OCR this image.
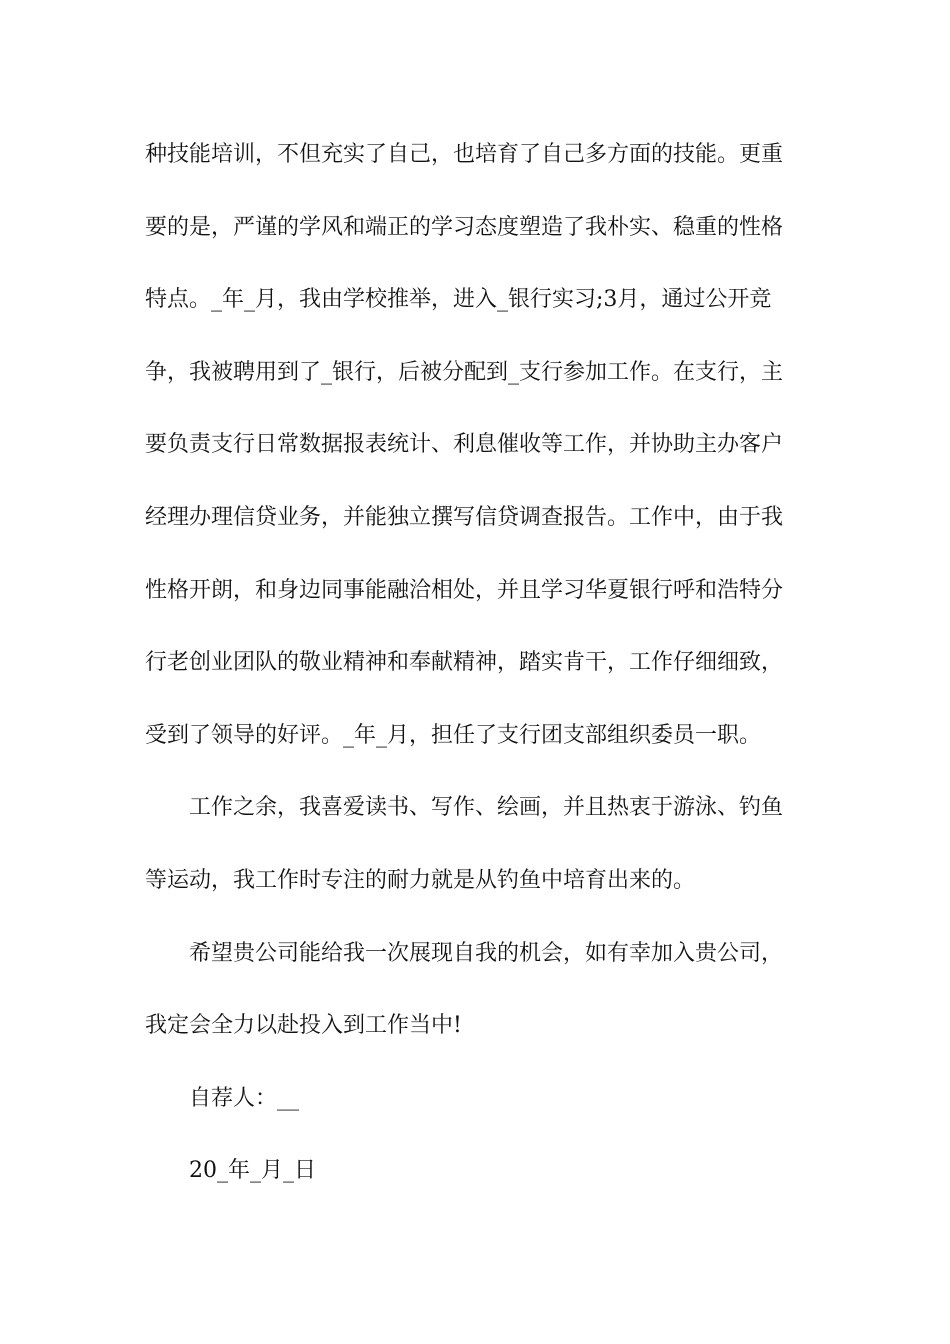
种技能培训，不但充实了自己，也培育了自己多方面的技能。更重
要的是，严谨的学风和端正的学习态度塑造了我朴实、稳重的性格
特点。_年_月，我由学校推举，进入_银行实习;3月，通过公开竞
争，我被聘用到了_银行，后被分配到_支行参加工作。在支行，主
要负责支行日常数据报表统计、利息催收等工作，并协助主办客户
经理办理信贷业务，并能独立撰写信贷调查报告。工作中，由于我
性格开朗，和身边同事能融洽相处，并且学习华夏银行呼和浩特分
行老创业团队的敬业精神和奉献精神，踏实肯干，工作仔细细致，
受到了领导的好评。_年_月，担任了支行团支部组织委员一职。
工作之余，我喜爱读书、写作、绘画，并且热衷于游泳、钓鱼
等运动，我工作时专注的耐力就是从钓鱼中培育出来的。
希望贵公司能给我一次展现自我的机会，如有幸加入贵公司，
我定会全力以赴投入到工作当中!
自荐人：__
20_年_月_日
